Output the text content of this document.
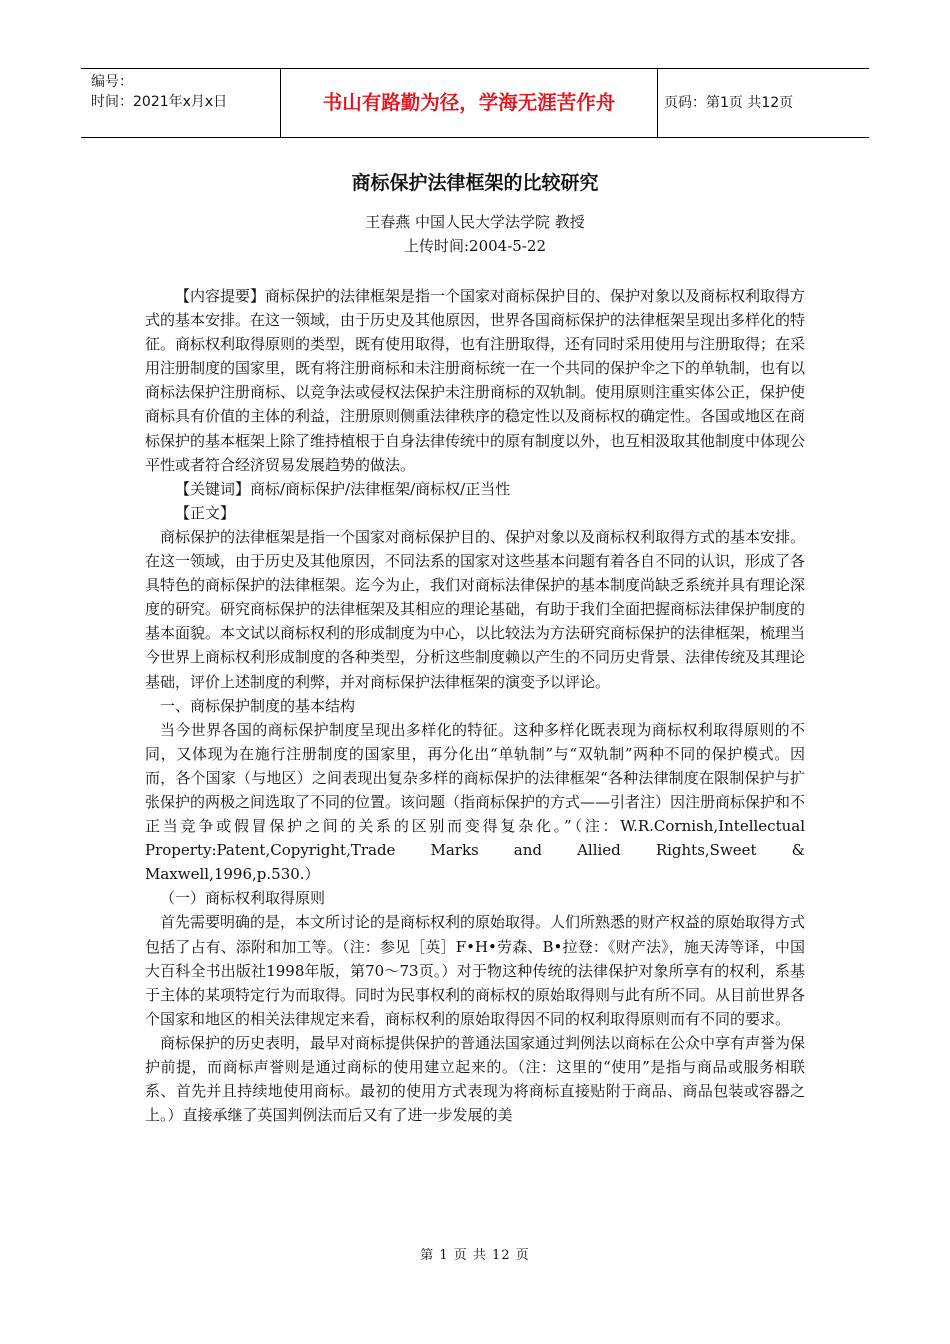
编号：
时间：2021年x月x日	书山有路勤为径，学海无涯苦作舟	页码：第1页 共12页
商标保护法律框架的比较研究
王春燕 中国人民大学法学院 教授
上传时间:2004-5-22

【内容提要】商标保护的法律框架是指一个国家对商标保护目的、保护对象以及商标权利取得方式的基本安排。在这一领域，由于历史及其他原因，世界各国商标保护的法律框架呈现出多样化的特征。商标权利取得原则的类型，既有使用取得，也有注册取得，还有同时采用使用与注册取得；在采用注册制度的国家里，既有将注册商标和未注册商标统一在一个共同的保护伞之下的单轨制，也有以商标法保护注册商标、以竞争法或侵权法保护未注册商标的双轨制。使用原则注重实体公正，保护使商标具有价值的主体的利益，注册原则侧重法律秩序的稳定性以及商标权的确定性。各国或地区在商标保护的基本框架上除了维持植根于自身法律传统中的原有制度以外，也互相汲取其他制度中体现公平性或者符合经济贸易发展趋势的做法。

【关键词】商标/商标保护/法律框架/商标权/正当性

【正文】

商标保护的法律框架是指一个国家对商标保护目的、保护对象以及商标权利取得方式的基本安排。在这一领域，由于历史及其他原因，不同法系的国家对这些基本问题有着各自不同的认识，形成了各具特色的商标保护的法律框架。迄今为止，我们对商标法律保护的基本制度尚缺乏系统并具有理论深度的研究。研究商标保护的法律框架及其相应的理论基础，有助于我们全面把握商标法律保护制度的基本面貌。本文试以商标权利的形成制度为中心，以比较法为方法研究商标保护的法律框架，梳理当今世界上商标权利形成制度的各种类型，分析这些制度赖以产生的不同历史背景、法律传统及其理论基础，评价上述制度的利弊，并对商标保护法律框架的演变予以评论。

一、商标保护制度的基本结构

当今世界各国的商标保护制度呈现出多样化的特征。这种多样化既表现为商标权利取得原则的不同，又体现为在施行注册制度的国家里，再分化出“单轨制”与“双轨制”两种不同的保护模式。因而，各个国家（与地区）之间表现出复杂多样的商标保护的法律框架“各种法律制度在限制保护与扩张保护的两极之间选取了不同的位置。该问题（指商标保护的方式——引者注）因注册商标保护和不正当竞争或假冒保护之间的关系的区别而变得复杂化。”（注：W.R.Cornish,Intellectual Property:Patent,Copyright,Trade Marks and Allied Rights,Sweet & Maxwell,1996,p.530.）

（一）商标权利取得原则

首先需要明确的是，本文所讨论的是商标权利的原始取得。人们所熟悉的财产权益的原始取得方式包括了占有、添附和加工等。（注：参见［英］F•H•劳森、B•拉登：《财产法》，施天涛等译，中国大百科全书出版社1998年版，第70～73页。）对于物这种传统的法律保护对象所享有的权利，系基于主体的某项特定行为而取得。同时为民事权利的商标权的原始取得则与此有所不同。从目前世界各个国家和地区的相关法律规定来看，商标权利的原始取得因不同的权利取得原则而有不同的要求。

商标保护的历史表明，最早对商标提供保护的普通法国家通过判例法以商标在公众中享有声誉为保护前提，而商标声誉则是通过商标的使用建立起来的。（注：这里的“使用”是指与商品或服务相联系、首先并且持续地使用商标。最初的使用方式表现为将商标直接贴附于商品、商品包装或容器之上。）直接承继了英国判例法而后又有了进一步发展的美

第 1 页 共 12 页
